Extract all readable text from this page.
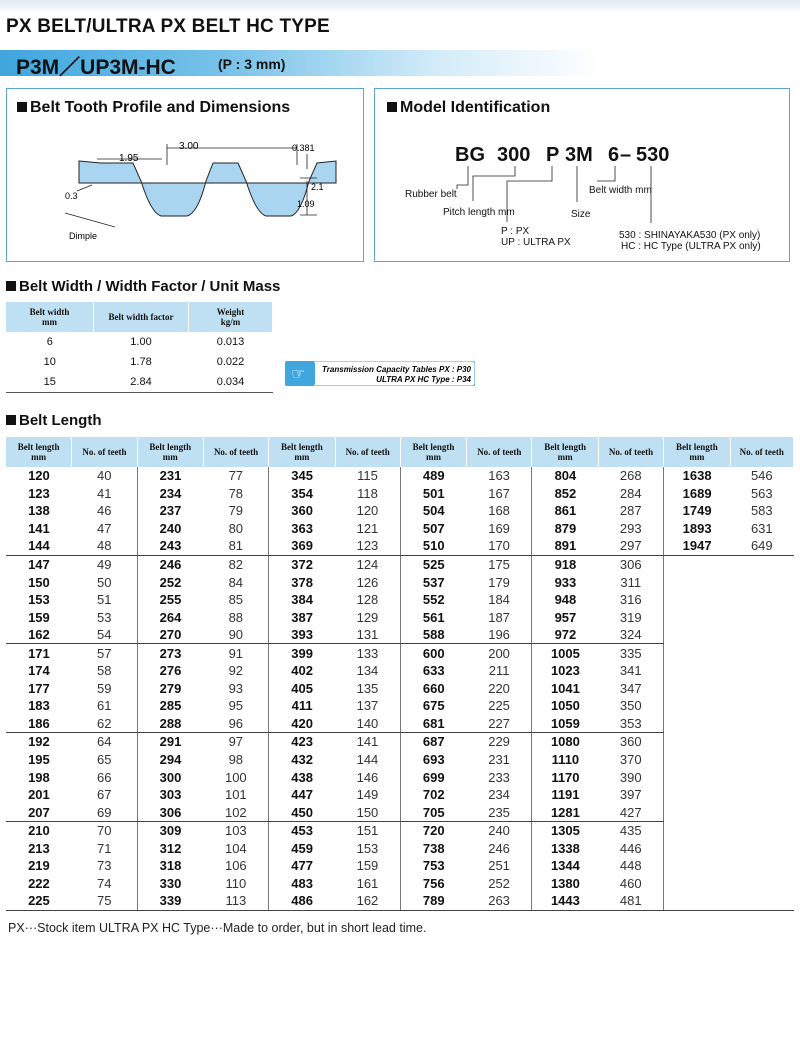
PX BELT/ULTRA PX BELT HC TYPE
P3M／UP3M-HC	(P : 3 mm)
Belt Tooth Profile and Dimensions
3.00
1.95
0.381
2.1
1.09
0.3
Dimple
Model Identification
BG 300 P 3M 6 – 530
Rubber belt
Pitch length mm
Belt width mm
Size
P : PX
UP : ULTRA PX
530 : SHINAYAKA530 (PX only)
HC : HC Type (ULTRA PX only)
Belt Width / Width Factor / Unit Mass
Belt width
mm	Belt width factor	Weight
kg/m
6	1.00	0.013
10	1.78	0.022
15	2.84	0.034	☞ Transmission Capacity Tables PX : P30
ULTRA PX HC Type : P34
Belt Length
Belt length
mm	No. of teeth	Belt length
mm	No. of teeth	Belt length
mm	No. of teeth	Belt length
mm	No. of teeth	Belt length
mm	No. of teeth	Belt length
mm	No. of teeth
120	40	231	77	345	115	489	163	804	268	1638	546
123	41	234	78	354	118	501	167	852	284	1689	563
138	46	237	79	360	120	504	168	861	287	1749	583
141	47	240	80	363	121	507	169	879	293	1893	631
144	48	243	81	369	123	510	170	891	297	1947	649
147	49	246	82	372	124	525	175	918	306		
150	50	252	84	378	126	537	179	933	311		
153	51	255	85	384	128	552	184	948	316		
159	53	264	88	387	129	561	187	957	319		
162	54	270	90	393	131	588	196	972	324		
171	57	273	91	399	133	600	200	1005	335		
174	58	276	92	402	134	633	211	1023	341		
177	59	279	93	405	135	660	220	1041	347		
183	61	285	95	411	137	675	225	1050	350		
186	62	288	96	420	140	681	227	1059	353		
192	64	291	97	423	141	687	229	1080	360		
195	65	294	98	432	144	693	231	1110	370		
198	66	300	100	438	146	699	233	1170	390		
201	67	303	101	447	149	702	234	1191	397		
207	69	306	102	450	150	705	235	1281	427		
210	70	309	103	453	151	720	240	1305	435		
213	71	312	104	459	153	738	246	1338	446		
219	73	318	106	477	159	753	251	1344	448		
222	74	330	110	483	161	756	252	1380	460		
225	75	339	113	486	162	789	263	1443	481		
PX···Stock item ULTRA PX HC Type···Made to order, but in short lead time.
